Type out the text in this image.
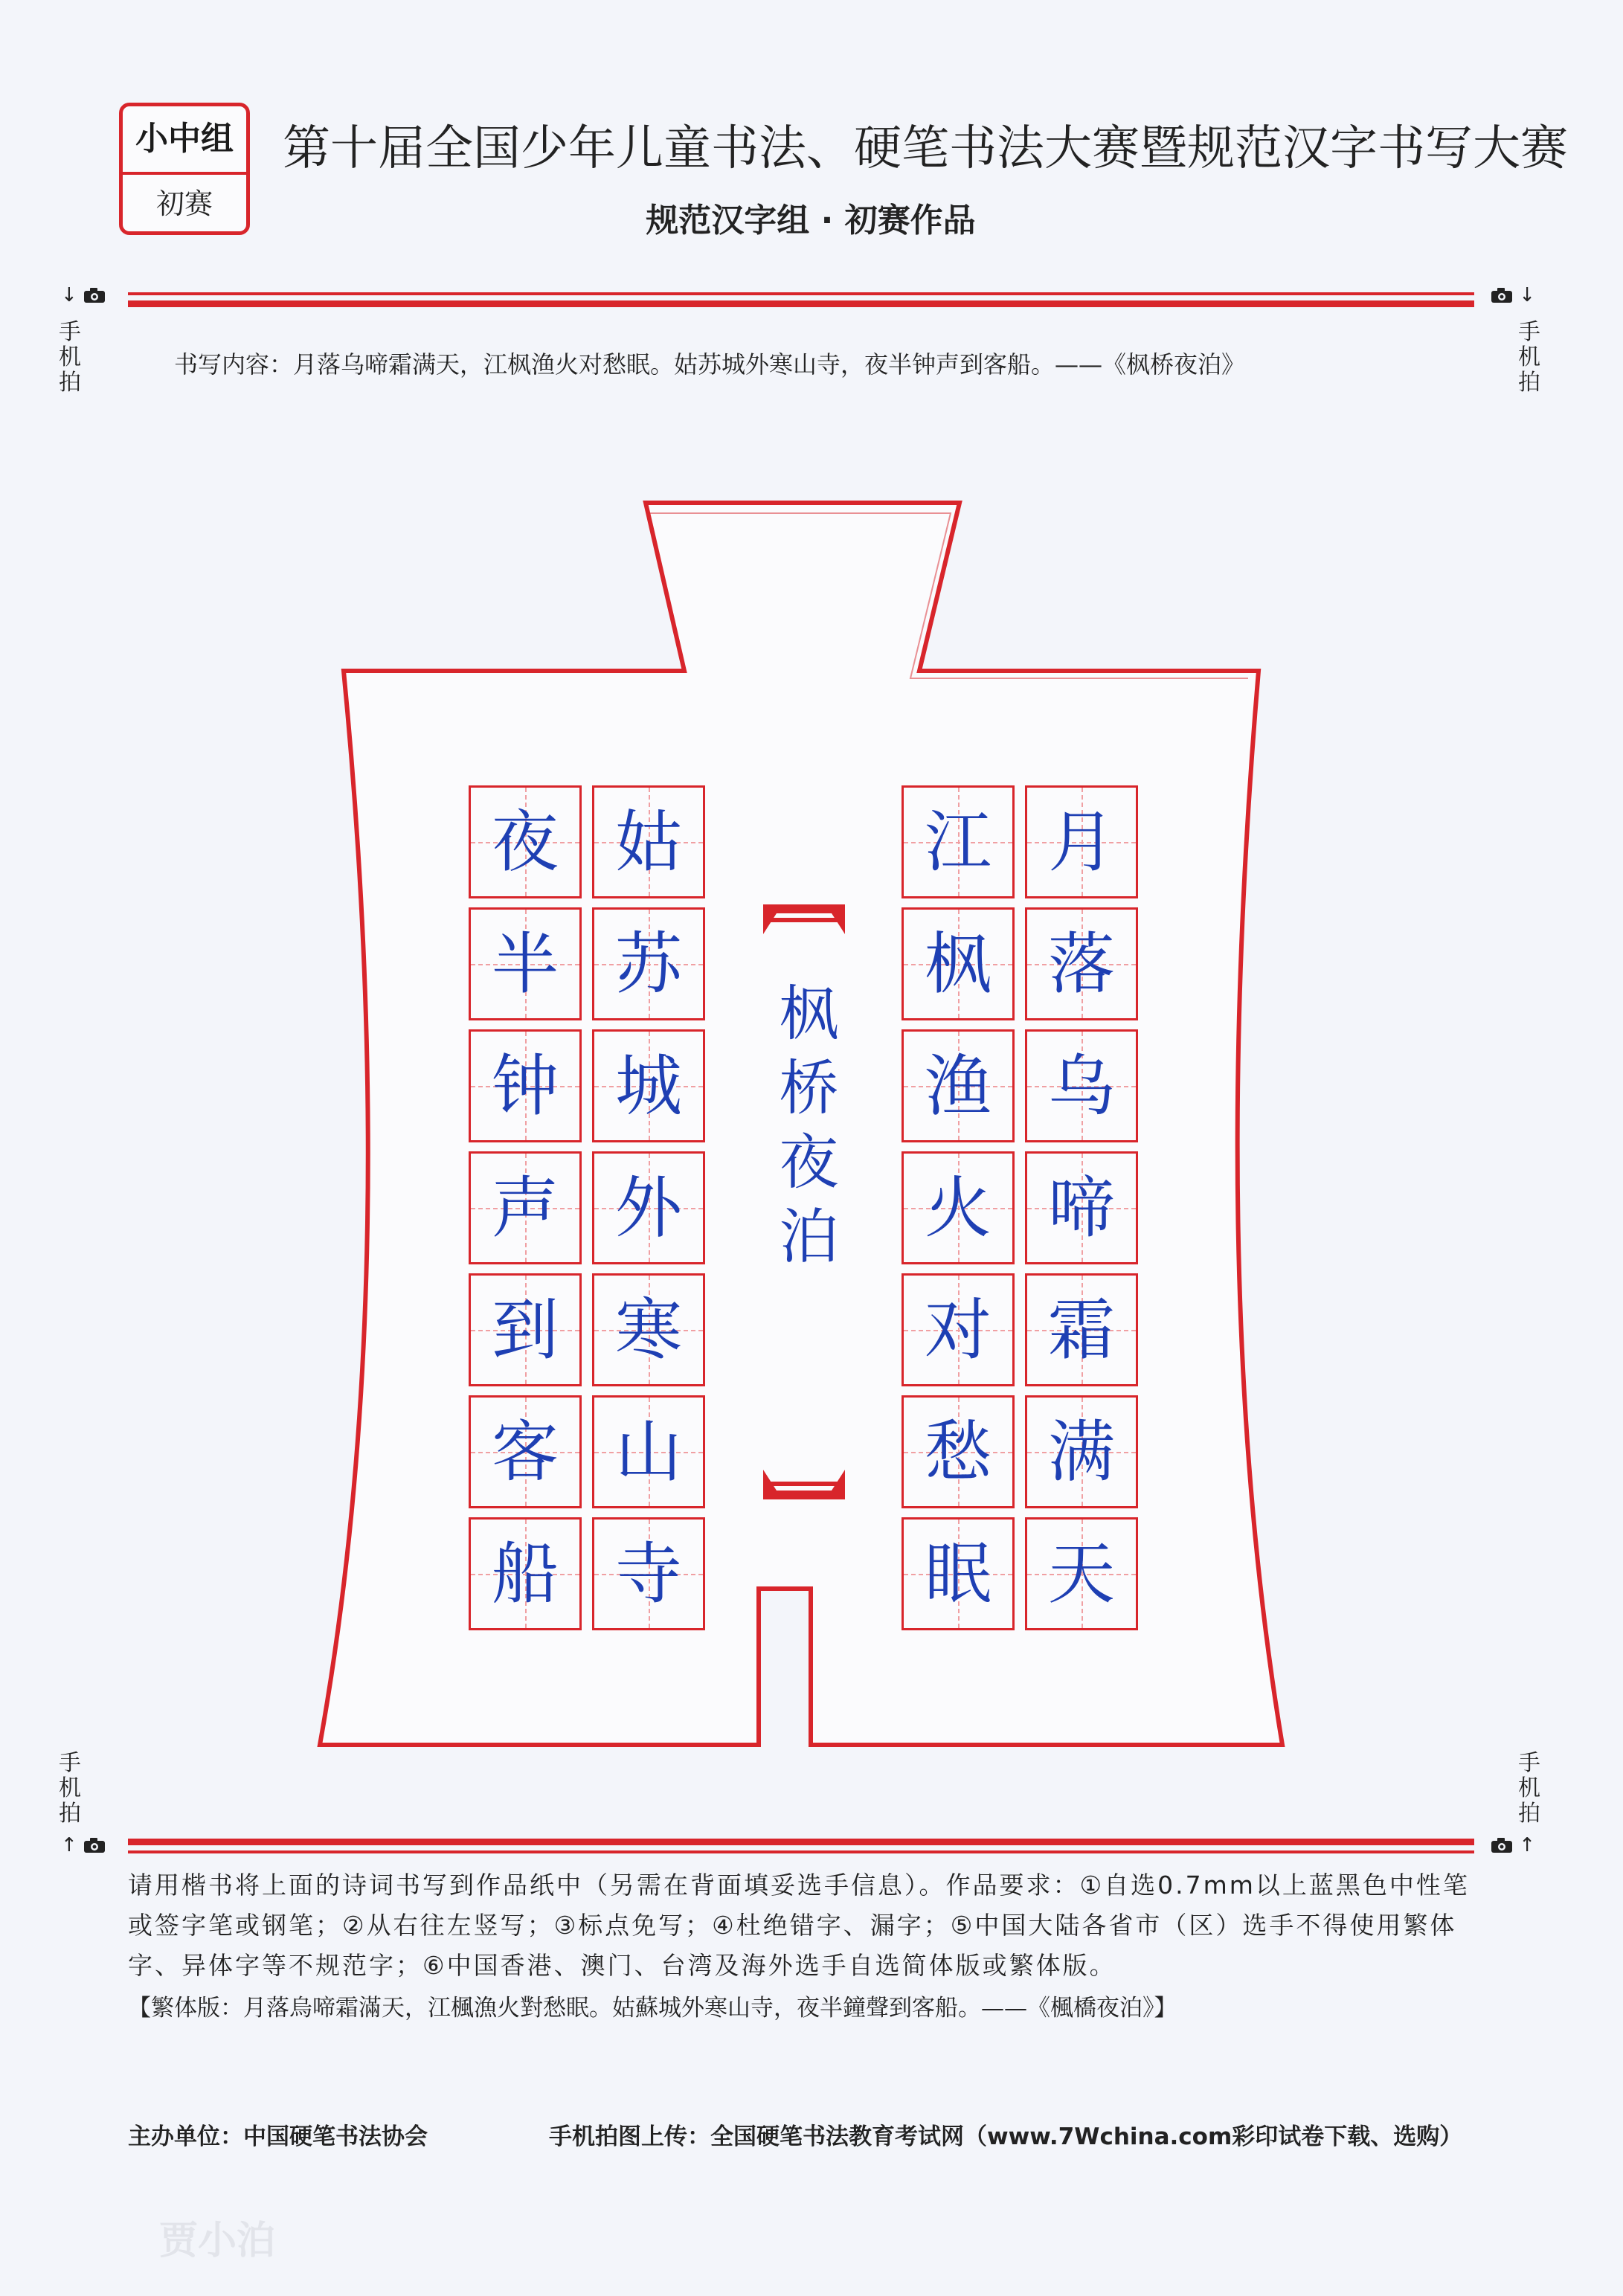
小中组
初赛
第十届全国少年儿童书法、硬笔书法大赛暨规范汉字书写大赛
规范汉字组 · 初赛作品
↓
手机拍
↓
手机拍
书写内容：月落乌啼霜满天，江枫渔火对愁眠。姑苏城外寒山寺，夜半钟声到客船。——《枫桥夜泊》
枫桥夜泊
月
落
乌
啼
霜
满
天
江
枫
渔
火
对
愁
眠
姑
苏
城
外
寒
山
寺
夜
半
钟
声
到
客
船
手机拍
↑
手机拍
↑
请用楷书将上面的诗词书写到作品纸中（另需在背面填妥选手信息）。作品要求：①自选0.7mm以上蓝黑色中性笔或签字笔或钢笔；②从右往左竖写；③标点免写；④杜绝错字、漏字；⑤中国大陆各省市（区）选手不得使用繁体字、异体字等不规范字；⑥中国香港、澳门、台湾及海外选手自选简体版或繁体版。
【繁体版：月落烏啼霜滿天，江楓漁火對愁眠。姑蘇城外寒山寺，夜半鐘聲到客船。——《楓橋夜泊》】
主办单位：中国硬笔书法协会	手机拍图上传：全国硬笔书法教育考试网（www.7Wchina.com彩印试卷下载、选购）
贾小泊
